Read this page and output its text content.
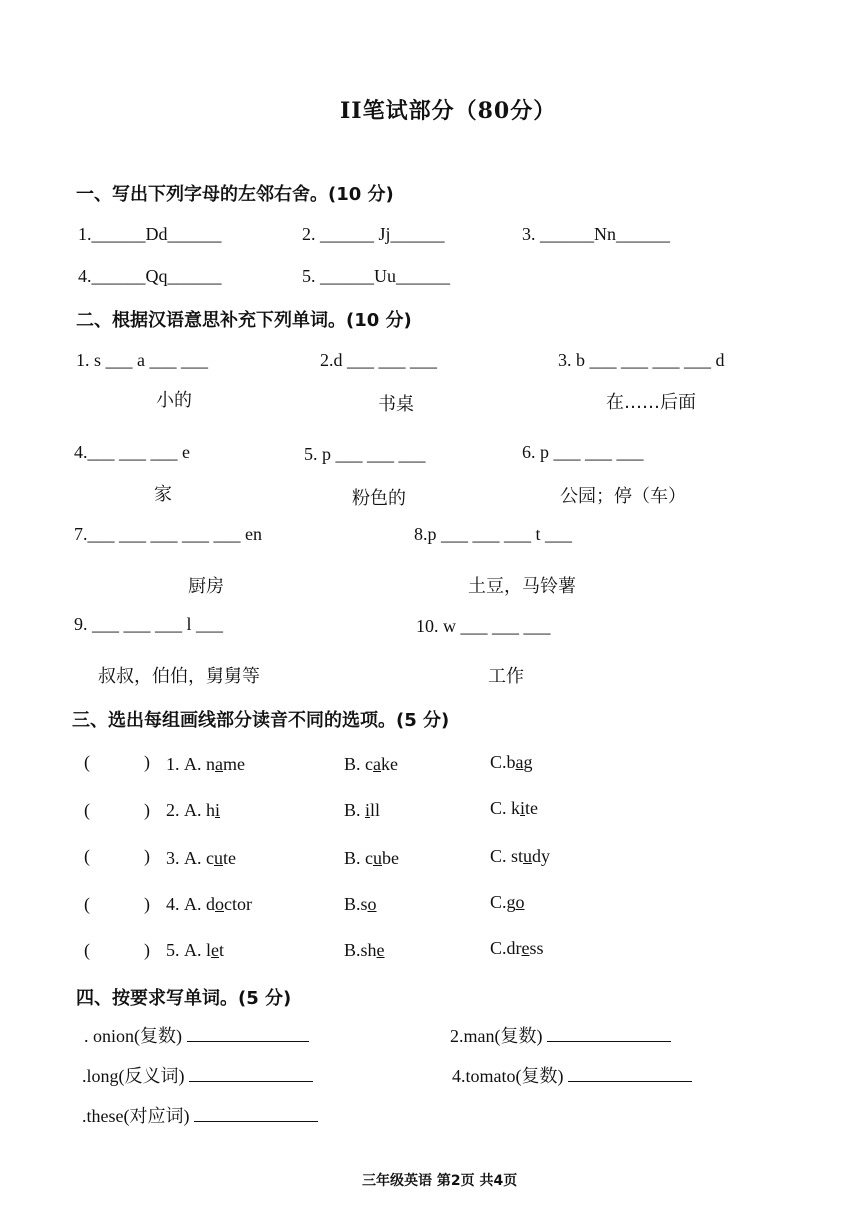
II笔试部分（80分）
一、写出下列字母的左邻右舍。(10 分)
1.______Dd______	2. ______ Jj______	3. ______Nn______
4.______Qq______	5. ______Uu______
二、根据汉语意思补充下列单词。(10 分)
1. s ___ a ___ ___	2.d ___ ___ ___	3. b ___ ___ ___ ___ d
小的	书桌	在……后面
4.___ ___ ___ e	5. p ___ ___ ___	6. p ___ ___ ___
家	粉色的	公园；停（车）
7.___ ___ ___ ___ ___ en	8.p ___ ___ ___ t ___
厨房	土豆，马铃薯
9. ___ ___ ___ l ___	10. w ___ ___ ___
叔叔，伯伯，舅舅等	工作
三、选出每组画线部分读音不同的选项。(5 分)
(	) 1. A. name	B. cake	C.bag
(	) 2. A. hi	B. ill	C. kite
(	) 3. A. cute	B. cube	C. study
(	) 4. A. doctor	B.so	C.go
(	) 5. A. let	B.she	C.dress
四、按要求写单词。(5 分)
. onion(复数)	2.man(复数)
.long(反义词)	4.tomato(复数)
.these(对应词)
三年级英语 第2页 共4页
